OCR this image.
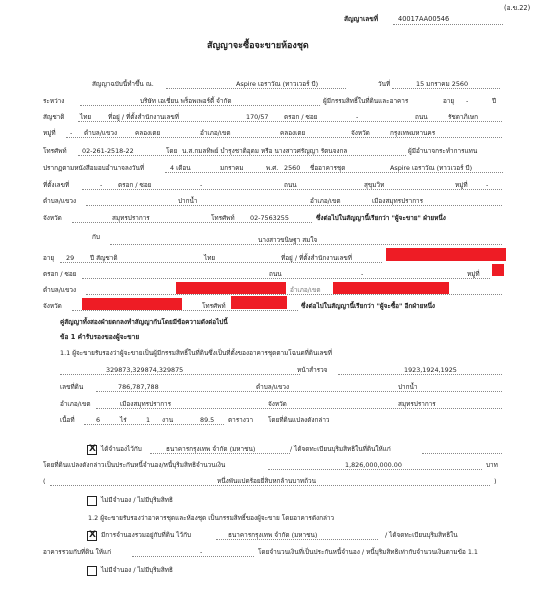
(อ.ข.22)
สัญญาเลขที่	40017AA00546
สัญญาจะซื้อจะขายห้องชุด
สัญญาฉบับนี้ทำขึ้น ณ.	Aspire เอราวัณ (ทาวเวอร์ บี)	วันที่	15 มกราคม 2560
ระหว่าง	บริษัท เอเชี่ยน พร็อพเพอร์ตี้ จำกัด	ผู้มีกรรมสิทธิ์ในที่ดินและอาคาร	อายุ -	ปี
สัญชาติ ไทย	ที่อยู่ / ที่ตั้งสำนักงานเลขที่	170/57 ตรอก / ซอย	-	ถนน	รัชดาภิเษก
หมู่ที่ - ตำบล/แขวง	คลองเตย	อำเภอ/เขต	คลองเตย	จังหวัด	กรุงเทพมหานคร
โทรศัพท์ 02-261-2518-22	โดย น.ส.กมลทิพย์ บำรุงชาติอุดม หรือ นางสาวศรัญญา รัตนจงกล	ผู้มีอำนาจกระทำการแทน
ปรากฏตามหนังสือมอบอำนาจลงวันที่	4 เดือน	มกราคม	พ.ศ. 2560 ชื่ออาคารชุด	Aspire เอราวัณ (ทาวเวอร์ บี)
ที่ตั้งเลขที่	- ตรอก / ซอย	-	ถนน	สุขุมวิท	หมู่ที่	-
ตำบล/แขวง	ปากน้ำ	อำเภอ/เขต	เมืองสมุทรปราการ
จังหวัด	สมุทรปราการ	โทรศัพท์ 02-7563255	ซึ่งต่อไปในสัญญานี้เรียกว่า "ผู้จะขาย" ฝ่ายหนึ่ง
กับ	นางสาวขนิษฐา สมใจ
อายุ 29 ปี สัญชาติ	ไทย	ที่อยู่ / ที่ตั้งสำนักงานเลขที่
ตรอก / ซอย	ถนน	-	หมู่ที่
ตำบล/แขวง	อำเภอ/เขต
จังหวัด	โทรศัพท์	ซึ่งต่อไปในสัญญานี้เรียกว่า "ผู้จะซื้อ" อีกฝ่ายหนึ่ง
คู่สัญญาทั้งสองฝ่ายตกลงทำสัญญากันโดยมีข้อความดังต่อไปนี้
ข้อ 1 คำรับรองของผู้จะขาย
1.1 ผู้จะขายรับรองว่าผู้จะขายเป็นผู้มีกรรมสิทธิ์ในที่ดินซึ่งเป็นที่ตั้งของอาคารชุดตามโฉนดที่ดินเลขที่
329873,329874,329875	หน้าสำรวจ	1923,1924,1925
เลขที่ดิน	786,787,788	ตำบล/แขวง	ปากน้ำ
อำเภอ/เขต	เมืองสมุทรปราการ	จังหวัด	สมุทรปราการ
เนื้อที่	6	ไร่	1 งาน	89.5 ตารางวา โดยที่ดินแปลงดังกล่าว
X ได้จำนองไว้กับ	ธนาคารกรุงเทพ จำกัด (มหาชน)	/ ได้จดทะเบียนบุริมสิทธิในที่ดินให้แก่
โดยที่ดินแปลงดังกล่าวเป็นประกันหนี้จำนอง/หนี้บุริมสิทธิจำนวนเงิน	1,826,000,000.00	บาท
(	หนึ่งพันแปดร้อยยี่สิบหกล้านบาทถ้วน	)
ไม่มีจำนอง / ไม่มีบุริมสิทธิ
1.2 ผู้จะขายรับรองว่าอาคารชุดและห้องชุด เป็นกรรมสิทธิ์ของผู้จะขาย โดยอาคารดังกล่าว
X มีการจำนองรวมอยู่กับที่ดิน ไว้กับ	ธนาคารกรุงเทพ จำกัด (มหาชน)	/ ได้จดทะเบียนบุริมสิทธิใน
อาคารรวมกับที่ดิน ให้แก่	-	โดยจำนวนเงินที่เป็นประกันหนี้จำนอง / หนี้บุริมสิทธิเท่ากับจำนวนเงินตามข้อ 1.1
ไม่มีจำนอง / ไม่มีบุริมสิทธิ
